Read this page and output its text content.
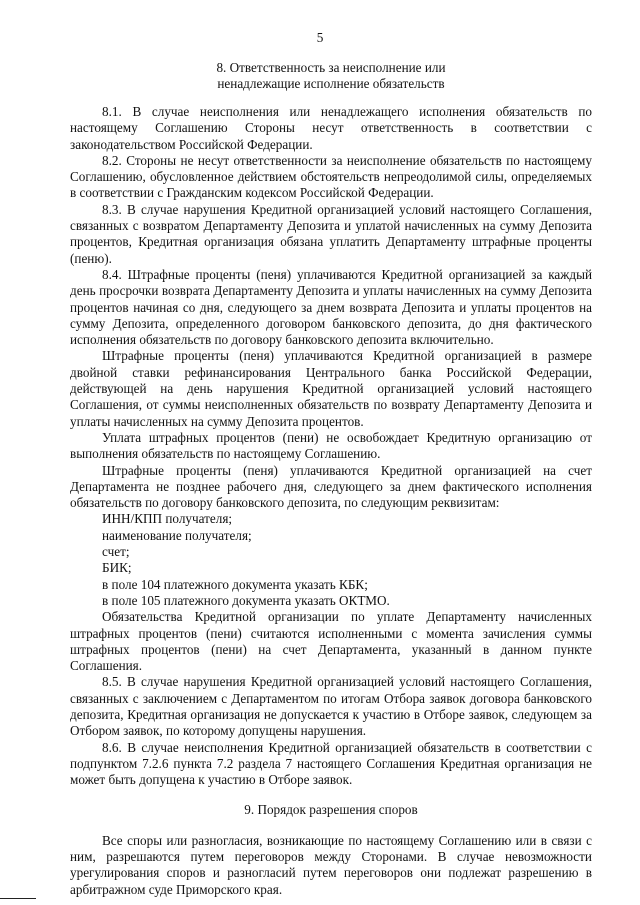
5
8. Ответственность за неисполнение или
ненадлежащие исполнение обязательств

8.1. В случае неисполнения или ненадлежащего исполнения обязательств по настоящему Соглашению Стороны несут ответственность в соответствии с законодательством Российской Федерации.

8.2. Стороны не несут ответственности за неисполнение обязательств по настоящему Соглашению, обусловленное действием обстоятельств непреодолимой силы, определяемых в соответствии с Гражданским кодексом Российской Федерации.

8.3. В случае нарушения Кредитной организацией условий настоящего Соглашения, связанных с возвратом Департаменту Депозита и уплатой начисленных на сумму Депозита процентов, Кредитная организация обязана уплатить Департаменту штрафные проценты (пеню).

8.4. Штрафные проценты (пеня) уплачиваются Кредитной организацией за каждый день просрочки возврата Департаменту Депозита и уплаты начисленных на сумму Депозита процентов начиная со дня, следующего за днем возврата Депозита и уплаты процентов на сумму Депозита, определенного договором банковского депозита, до дня фактического исполнения обязательств по договору банковского депозита включительно.

Штрафные проценты (пеня) уплачиваются Кредитной организацией в размере двойной ставки рефинансирования Центрального банка Российской Федерации, действующей на день нарушения Кредитной организацией условий настоящего Соглашения, от суммы неисполненных обязательств по возврату Департаменту Депозита и уплаты начисленных на сумму Депозита процентов.

Уплата штрафных процентов (пени) не освобождает Кредитную организацию от выполнения обязательств по настоящему Соглашению.

Штрафные проценты (пеня) уплачиваются Кредитной организацией на счет Департамента не позднее рабочего дня, следующего за днем фактического исполнения обязательств по договору банковского депозита, по следующим реквизитам:

ИНН/КПП получателя;

наименование получателя;

счет;

БИК;

в поле 104 платежного документа указать КБК;

в поле 105 платежного документа указать ОКТМО.

Обязательства Кредитной организации по уплате Департаменту начисленных штрафных процентов (пени) считаются исполненными с момента зачисления суммы штрафных процентов (пени) на счет Департамента, указанный в данном пункте Соглашения.

8.5. В случае нарушения Кредитной организацией условий настоящего Соглашения, связанных с заключением с Департаментом по итогам Отбора заявок договора банковского депозита, Кредитная организация не допускается к участию в Отборе заявок, следующем за Отбором заявок, по которому допущены нарушения.

8.6. В случае неисполнения Кредитной организацией обязательств в соответствии с подпунктом 7.2.6 пункта 7.2 раздела 7 настоящего Соглашения Кредитная организация не может быть допущена к участию в Отборе заявок.

9. Порядок разрешения споров

Все споры или разногласия, возникающие по настоящему Соглашению или в связи с ним, разрешаются путем переговоров между Сторонами. В случае невозможности урегулирования споров и разногласий путем переговоров они подлежат разрешению в арбитражном суде Приморского края.
